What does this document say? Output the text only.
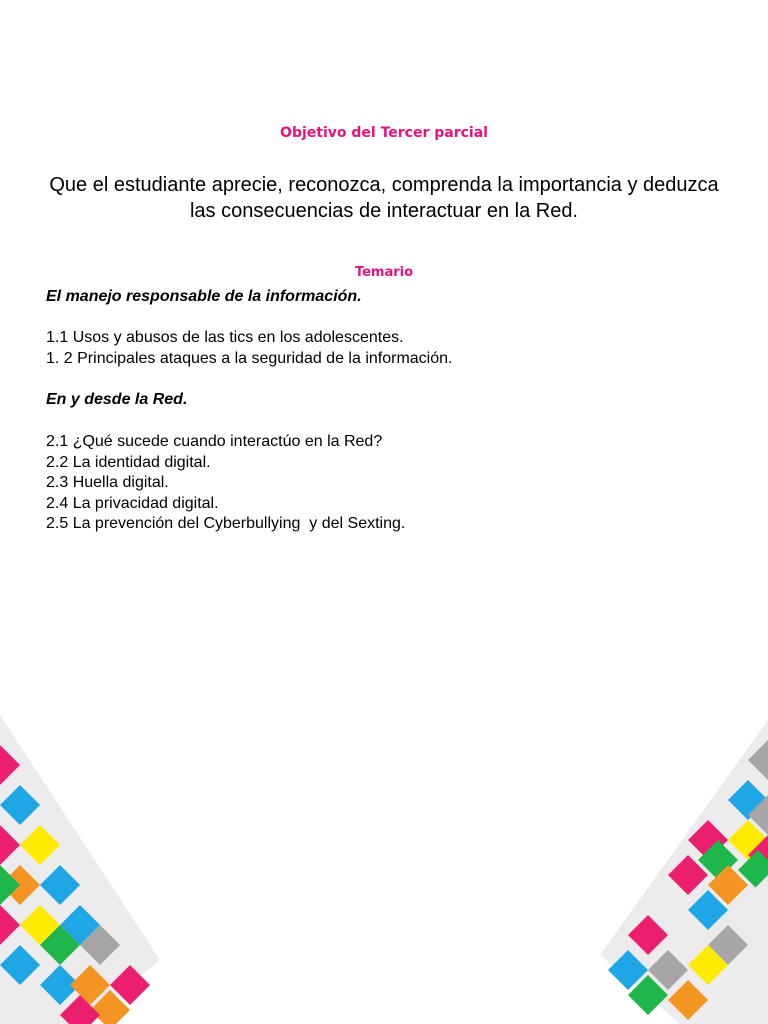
Objetivo del Tercer parcial
Que el estudiante aprecie, reconozca, comprenda la importancia y deduzca
las consecuencias de interactuar en la Red.
Temario
El manejo responsable de la información.
1.1 Usos y abusos de las tics en los adolescentes.
1. 2 Principales ataques a la seguridad de la información.
En y desde la Red.
2.1 ¿Qué sucede cuando interactúo en la Red?
2.2 La identidad digital.
2.3 Huella digital.
2.4 La privacidad digital.
2.5 La prevención del Cyberbullying  y del Sexting.
